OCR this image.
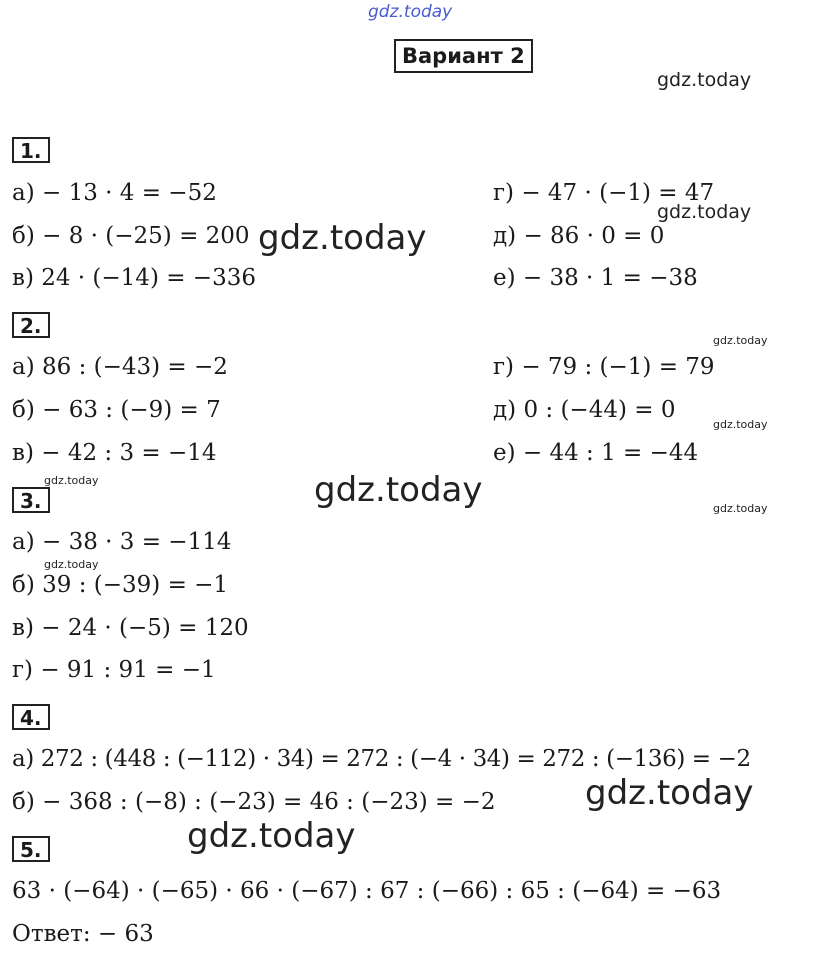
gdz.today
Вариант 2
1.
а) − 13 · 4 = −52
б) − 8 · (−25) = 200
в) 24 · (−14) = −336
г) − 47 · (−1) = 47
д) − 86 · 0 = 0
е) − 38 · 1 = −38
2.
а) 86 : (−43) = −2
б) − 63 : (−9) = 7
в) − 42 : 3 = −14
г) − 79 : (−1) = 79
д) 0 : (−44) = 0
е) − 44 : 1 = −44
3.
а) − 38 · 3 = −114
б) 39 : (−39) = −1
в) − 24 · (−5) = 120
г) − 91 : 91 = −1
4.
а) 272 : (448 : (−112) · 34) = 272 : (−4 · 34) = 272 : (−136) = −2
б) − 368 : (−8) : (−23) = 46 : (−23) = −2
5.
63 · (−64) · (−65) · 66 · (−67) : 67 : (−66) : 65 : (−64) = −63
Ответ: − 63
gdz.today
gdz.today
gdz.today
gdz.today
gdz.today
gdz.today	gdz.today	gdz.today
gdz.today
gdz.today
gdz.today
